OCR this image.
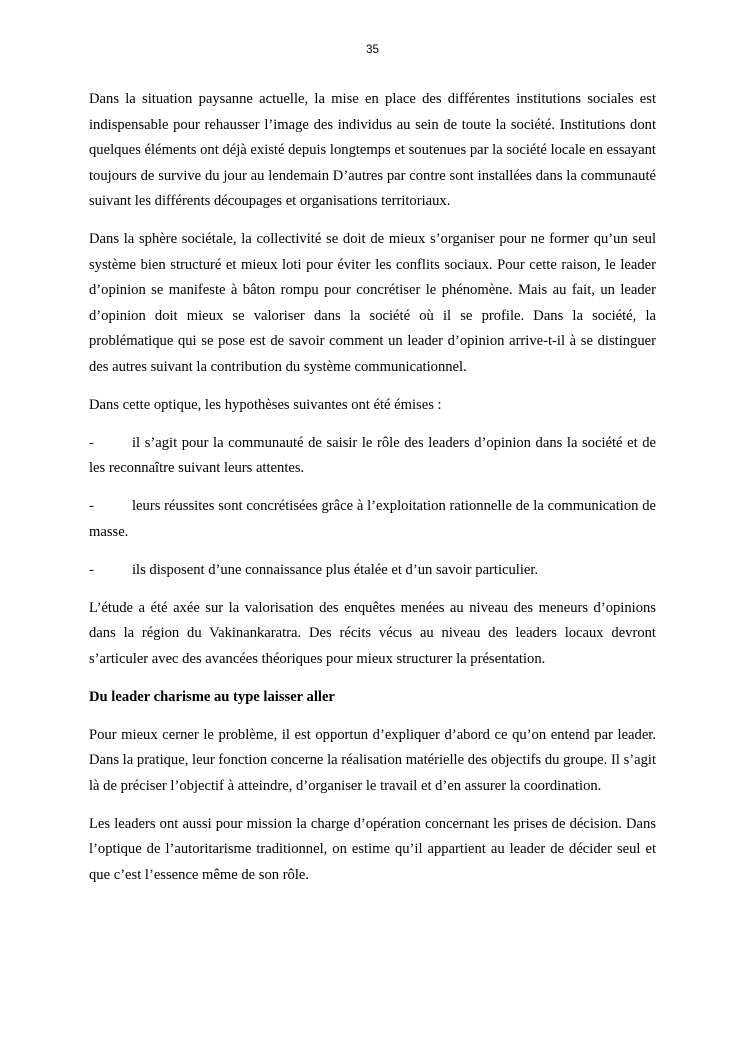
35

Dans la situation paysanne actuelle, la mise en place des différentes institutions sociales est indispensable pour rehausser l’image des individus au sein de toute la société. Institutions dont quelques éléments ont déjà existé depuis longtemps et soutenues par la société locale en essayant toujours de survive du jour au lendemain D’autres par contre sont installées dans la communauté suivant les différents découpages et organisations territoriaux.

Dans la sphère sociétale, la collectivité se doit de mieux s’organiser pour ne former qu’un seul système bien structuré et mieux loti pour éviter les conflits sociaux. Pour cette raison, le leader d’opinion se manifeste à bâton rompu pour concrétiser le phénomène. Mais au fait, un leader d’opinion doit mieux se valoriser dans la société où il se profile. Dans la société, la problématique qui se pose est de savoir comment un leader d’opinion arrive-t-il à se distinguer des autres suivant la contribution du système communicationnel.

Dans cette optique, les hypothèses suivantes ont été émises :

-	il s’agit pour la communauté de saisir le rôle des leaders d’opinion dans la société et de les reconnaître suivant leurs attentes.

-	leurs réussites sont concrétisées grâce à l’exploitation rationnelle de la communication de masse.

-	ils disposent d’une connaissance plus étalée et d’un savoir particulier.

L’étude a été axée sur la valorisation des enquêtes menées au niveau des meneurs d’opinions dans la région du Vakinankaratra. Des récits vécus au niveau des leaders locaux devront s’articuler avec des avancées théoriques pour mieux structurer la présentation.

Du leader charisme au type laisser aller

Pour mieux cerner le problème, il est opportun d’expliquer d’abord ce qu’on entend par leader. Dans la pratique, leur fonction concerne la réalisation matérielle des objectifs du groupe. Il s’agit là de préciser l’objectif à atteindre, d’organiser le travail et d’en assurer la coordination.

Les leaders ont aussi pour mission la charge d’opération concernant les prises de décision. Dans l’optique de l’autoritarisme traditionnel, on estime qu’il appartient au leader de décider seul et que c’est l’essence même de son rôle.
